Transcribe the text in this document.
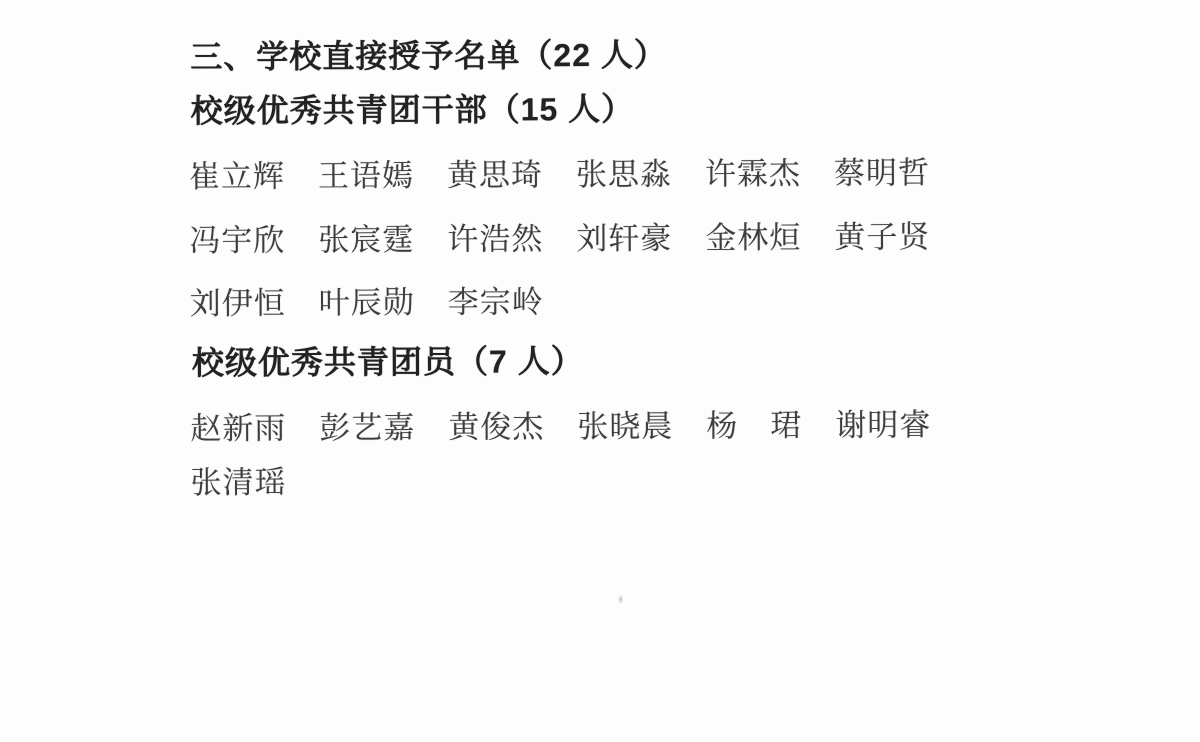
三、学校直接授予名单（22 人）
校级优秀共青团干部（15 人）
崔立辉 王语嫣 黄思琦 张思淼 许霖杰 蔡明哲
冯宇欣 张宸霆 许浩然 刘轩豪 金林烜 黄子贤
刘伊恒 叶辰勋 李宗岭
校级优秀共青团员（7 人）
赵新雨 彭艺嘉 黄俊杰 张晓晨 杨　珺 谢明睿
张清瑶
